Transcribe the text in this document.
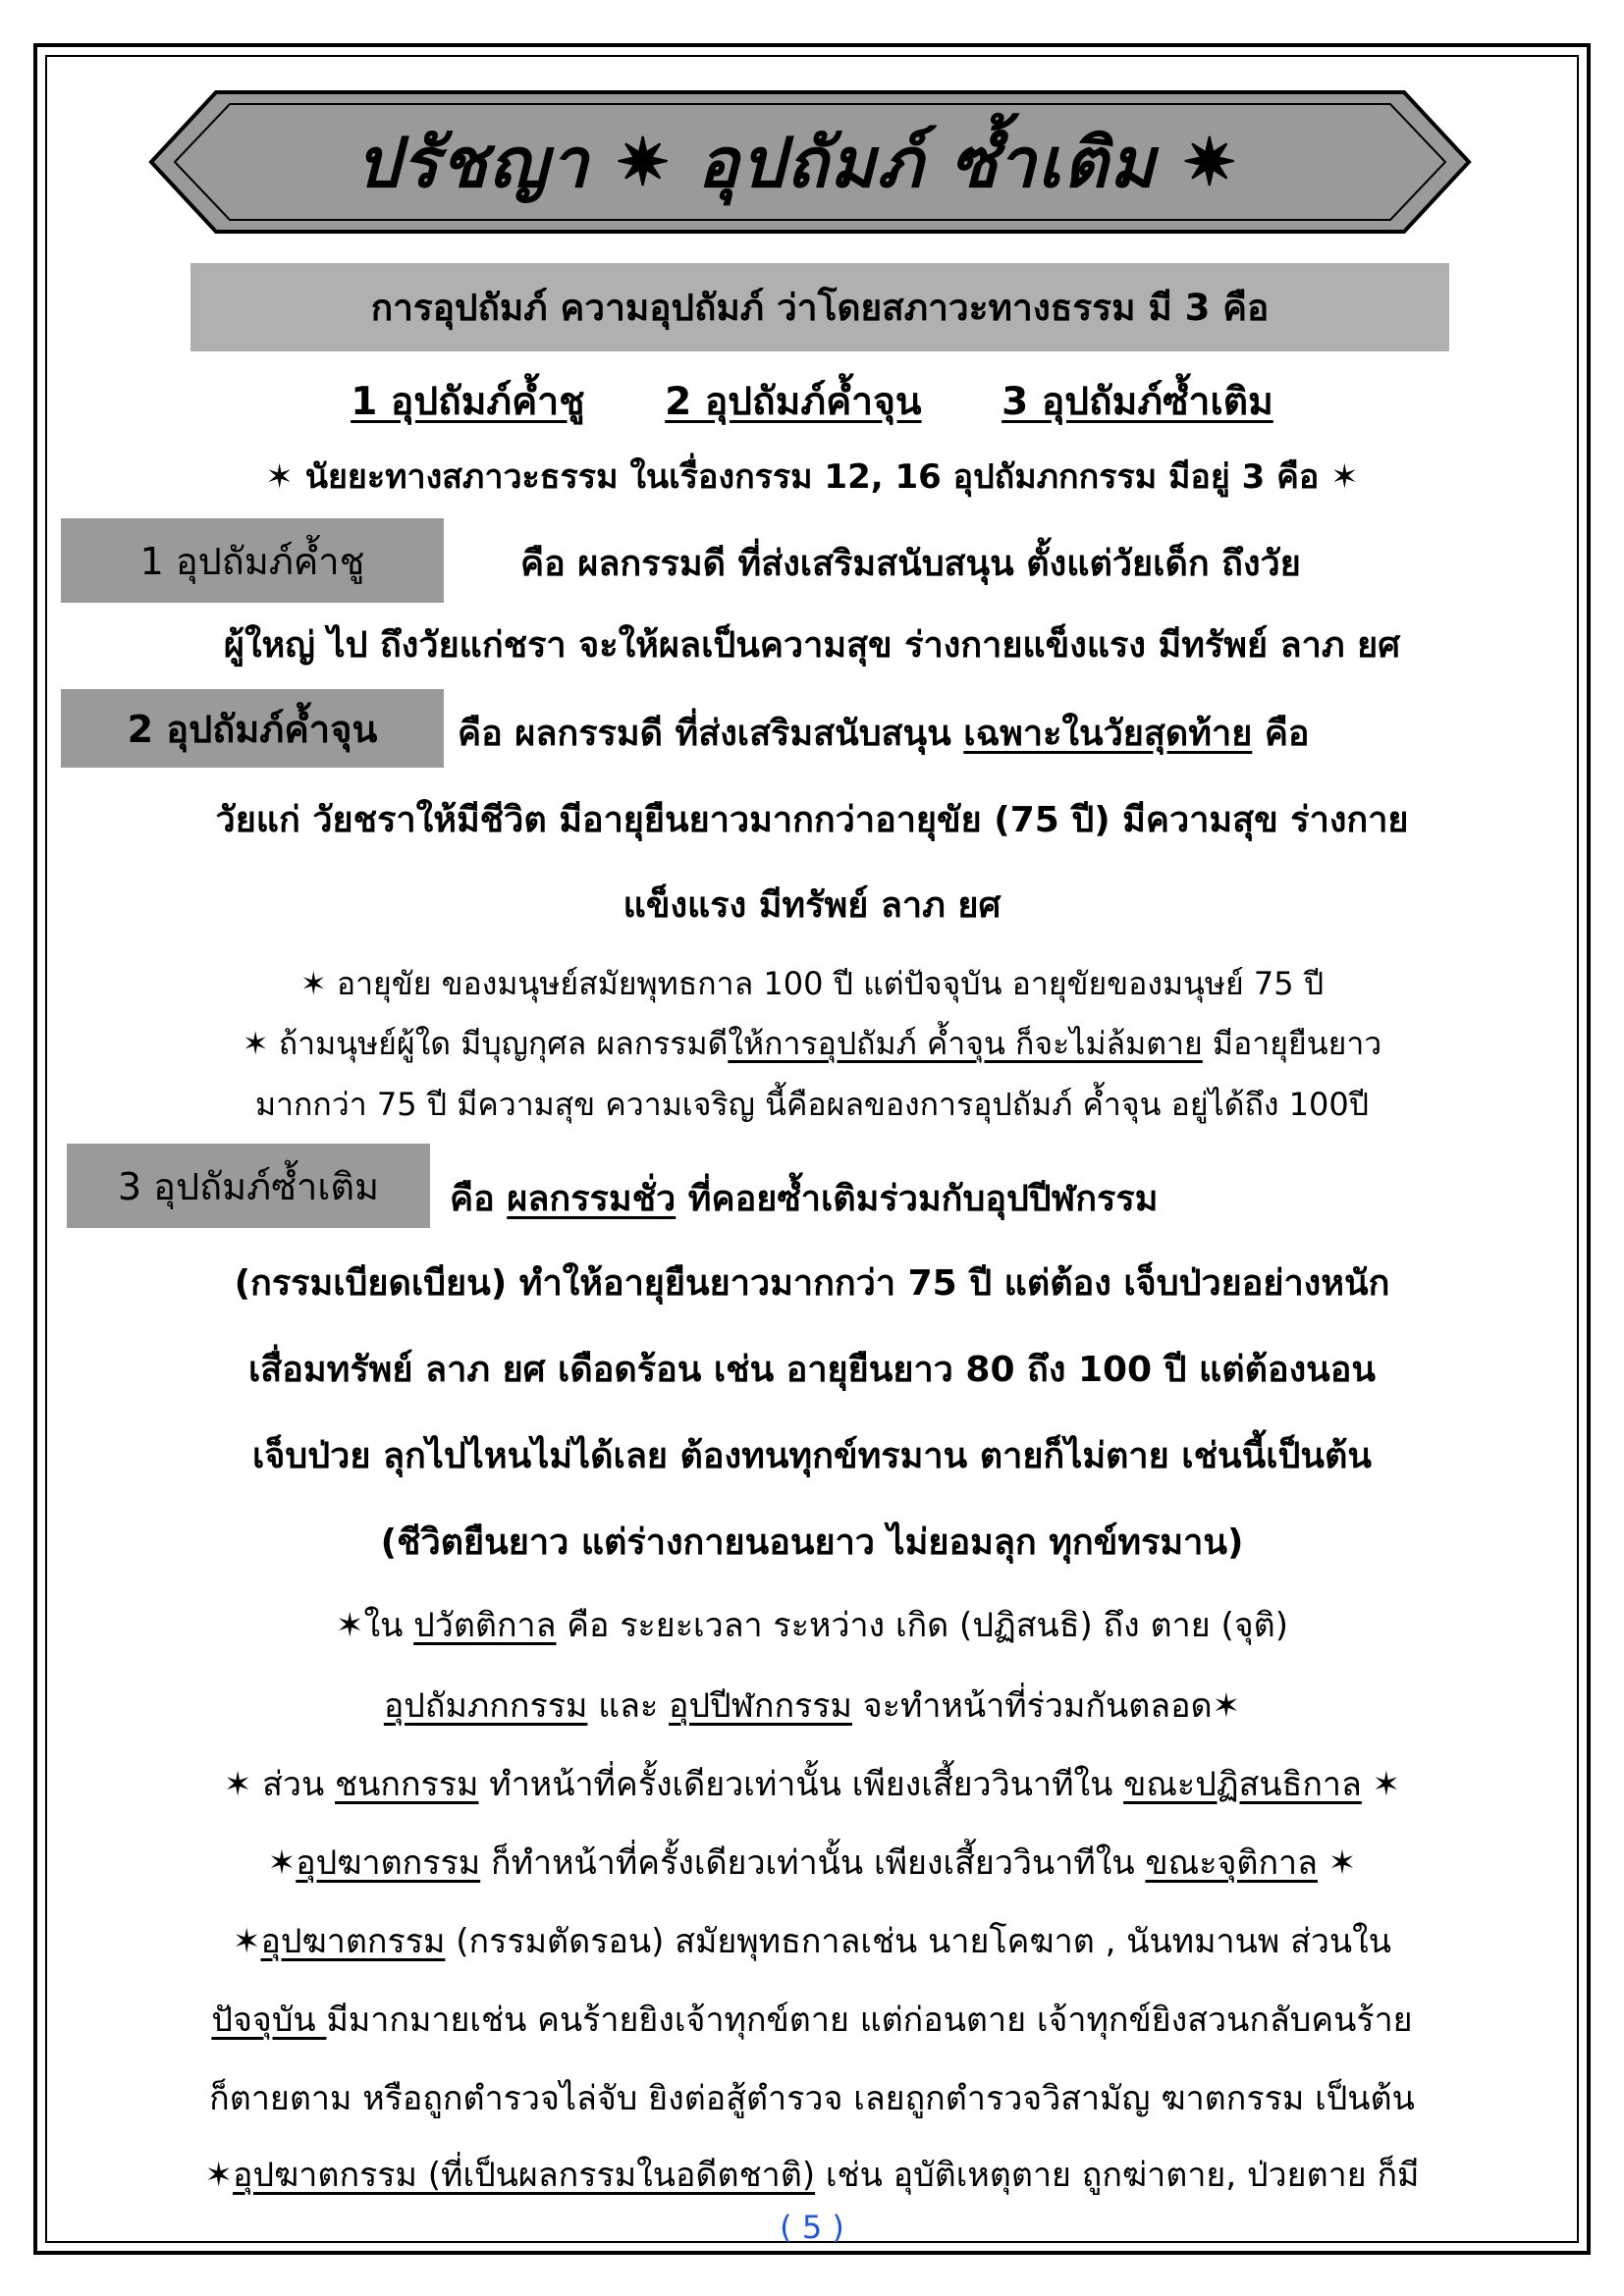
ปรัชญา ✷ อุปถัมภ์ ซ้ำเติม ✷
การอุปถัมภ์ ความอุปถัมภ์ ว่าโดยสภาวะทางธรรม มี 3 คือ
1 อุปถัมภ์ค้ำชู 2 อุปถัมภ์ค้ำจุน 3 อุปถัมภ์ซ้ำเติม
✶ นัยยะทางสภาวะธรรม ในเรื่องกรรม 12, 16 อุปถัมภกกรรม มีอยู่ 3 คือ ✶
1 อุปถัมภ์ค้ำชู	คือ ผลกรรมดี ที่ส่งเสริมสนับสนุน ตั้งแต่วัยเด็ก ถึงวัย
ผู้ใหญ่ ไป ถึงวัยแก่ชรา จะให้ผลเป็นความสุข ร่างกายแข็งแรง มีทรัพย์ ลาภ ยศ
2 อุปถัมภ์ค้ำจุน คือ ผลกรรมดี ที่ส่งเสริมสนับสนุน เฉพาะในวัยสุดท้าย คือ
วัยแก่ วัยชราให้มีชีวิต มีอายุยืนยาวมากกว่าอายุขัย (75 ปี) มีความสุข ร่างกาย
แข็งแรง มีทรัพย์ ลาภ ยศ
✶ อายุขัย ของมนุษย์สมัยพุทธกาล 100 ปี แต่ปัจจุบัน อายุขัยของมนุษย์ 75 ปี
✶ ถ้ามนุษย์ผู้ใด มีบุญกุศล ผลกรรมดีให้การอุปถัมภ์ ค้ำจุน ก็จะไม่ล้มตาย มีอายุยืนยาว
มากกว่า 75 ปี มีความสุข ความเจริญ นี้คือผลของการอุปถัมภ์ ค้ำจุน อยู่ได้ถึง 100ปี
3 อุปถัมภ์ซ้ำเติม	คือ ผลกรรมชั่ว ที่คอยซ้ำเติมร่วมกับอุปปีฬกรรม
(กรรมเบียดเบียน) ทำให้อายุยืนยาวมากกว่า 75 ปี แต่ต้อง เจ็บป่วยอย่างหนัก
เสื่อมทรัพย์ ลาภ ยศ เดือดร้อน เช่น อายุยืนยาว 80 ถึง 100 ปี แต่ต้องนอน
เจ็บป่วย ลุกไปไหนไม่ได้เลย ต้องทนทุกข์ทรมาน ตายก็ไม่ตาย เช่นนี้เป็นต้น
(ชีวิตยืนยาว แต่ร่างกายนอนยาว ไม่ยอมลุก ทุกข์ทรมาน)
✶ใน ปวัตติกาล คือ ระยะเวลา ระหว่าง เกิด (ปฏิสนธิ) ถึง ตาย (จุติ)
อุปถัมภกกรรม และ อุปปีฬกกรรม จะทำหน้าที่ร่วมกันตลอด✶
✶ ส่วน ชนกกรรม ทำหน้าที่ครั้งเดียวเท่านั้น เพียงเสี้ยววินาทีใน ขณะปฏิสนธิกาล ✶
✶อุปฆาตกรรม ก็ทำหน้าที่ครั้งเดียวเท่านั้น เพียงเสี้ยววินาทีใน ขณะจุติกาล ✶
✶อุปฆาตกรรม (กรรมตัดรอน) สมัยพุทธกาลเช่น นายโคฆาต , นันทมานพ ส่วนใน
ปัจจุบัน มีมากมายเช่น คนร้ายยิงเจ้าทุกข์ตาย แต่ก่อนตาย เจ้าทุกข์ยิงสวนกลับคนร้าย
ก็ตายตาม หรือถูกตำรวจไล่จับ ยิงต่อสู้ตำรวจ เลยถูกตำรวจวิสามัญ ฆาตกรรม เป็นต้น
✶อุปฆาตกรรม (ที่เป็นผลกรรมในอดีตชาติ) เช่น อุบัติเหตุตาย ถูกฆ่าตาย, ป่วยตาย ก็มี
( 5 )
